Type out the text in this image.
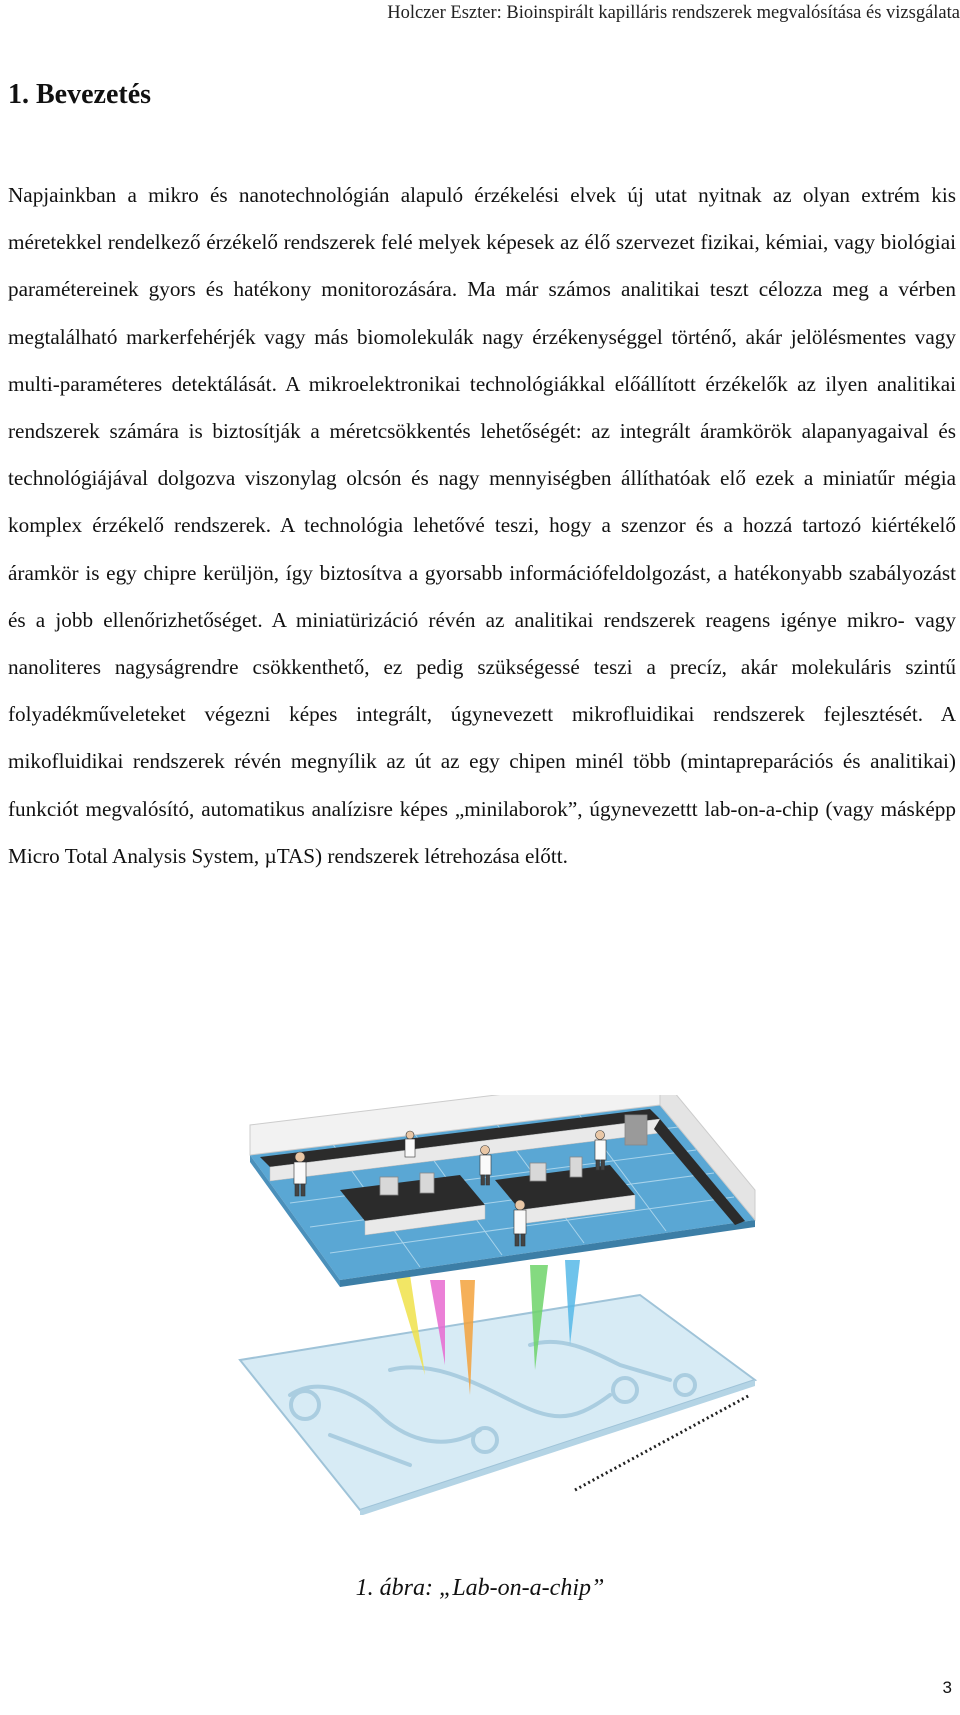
Holczer Eszter: Bioinspirált kapilláris rendszerek megvalósítása és vizsgálata
1. Bevezetés

Napjainkban a mikro és nanotechnológián alapuló érzékelési elvek új utat nyitnak az olyan extrém kis méretekkel rendelkező érzékelő rendszerek felé melyek képesek az élő szervezet fizikai, kémiai, vagy biológiai paramétereinek gyors és hatékony monitorozására. Ma már számos analitikai teszt célozza meg a vérben megtalálható markerfehérjék vagy más biomolekulák nagy érzékenységgel történő, akár jelölésmentes vagy multi-paraméteres detektálását. A mikroelektronikai technológiákkal előállított érzékelők az ilyen analitikai rendszerek számára is biztosítják a méretcsökkentés lehetőségét: az integrált áramkörök alapanyagaival és technológiájával dolgozva viszonylag olcsón és nagy mennyiségben állíthatóak elő ezek a miniatűr mégia komplex érzékelő rendszerek. A technológia lehetővé teszi, hogy a szenzor és a hozzá tartozó kiértékelő áramkör is egy chipre kerüljön, így biztosítva a gyorsabb információfeldolgozást, a hatékonyabb szabályozást és a jobb ellenőrizhetőséget. A miniatürizáció révén az analitikai rendszerek reagens igénye mikro- vagy nanoliteres nagyságrendre csökkenthető, ez pedig szükségessé teszi a precíz, akár molekuláris szintű folyadékműveleteket végezni képes integrált, úgynevezett mikrofluidikai rendszerek fejlesztését. A mikofluidikai rendszerek révén megnyílik az út az egy chipen minél több (mintapreparációs és analitikai) funkciót megvalósító, automatikus analízisre képes „minilaborok”, úgynevezettt lab-on-a-chip (vagy másképp Micro Total Analysis System, µTAS) rendszerek létrehozása előtt.

1. ábra: „Lab-on-a-chip”

3
